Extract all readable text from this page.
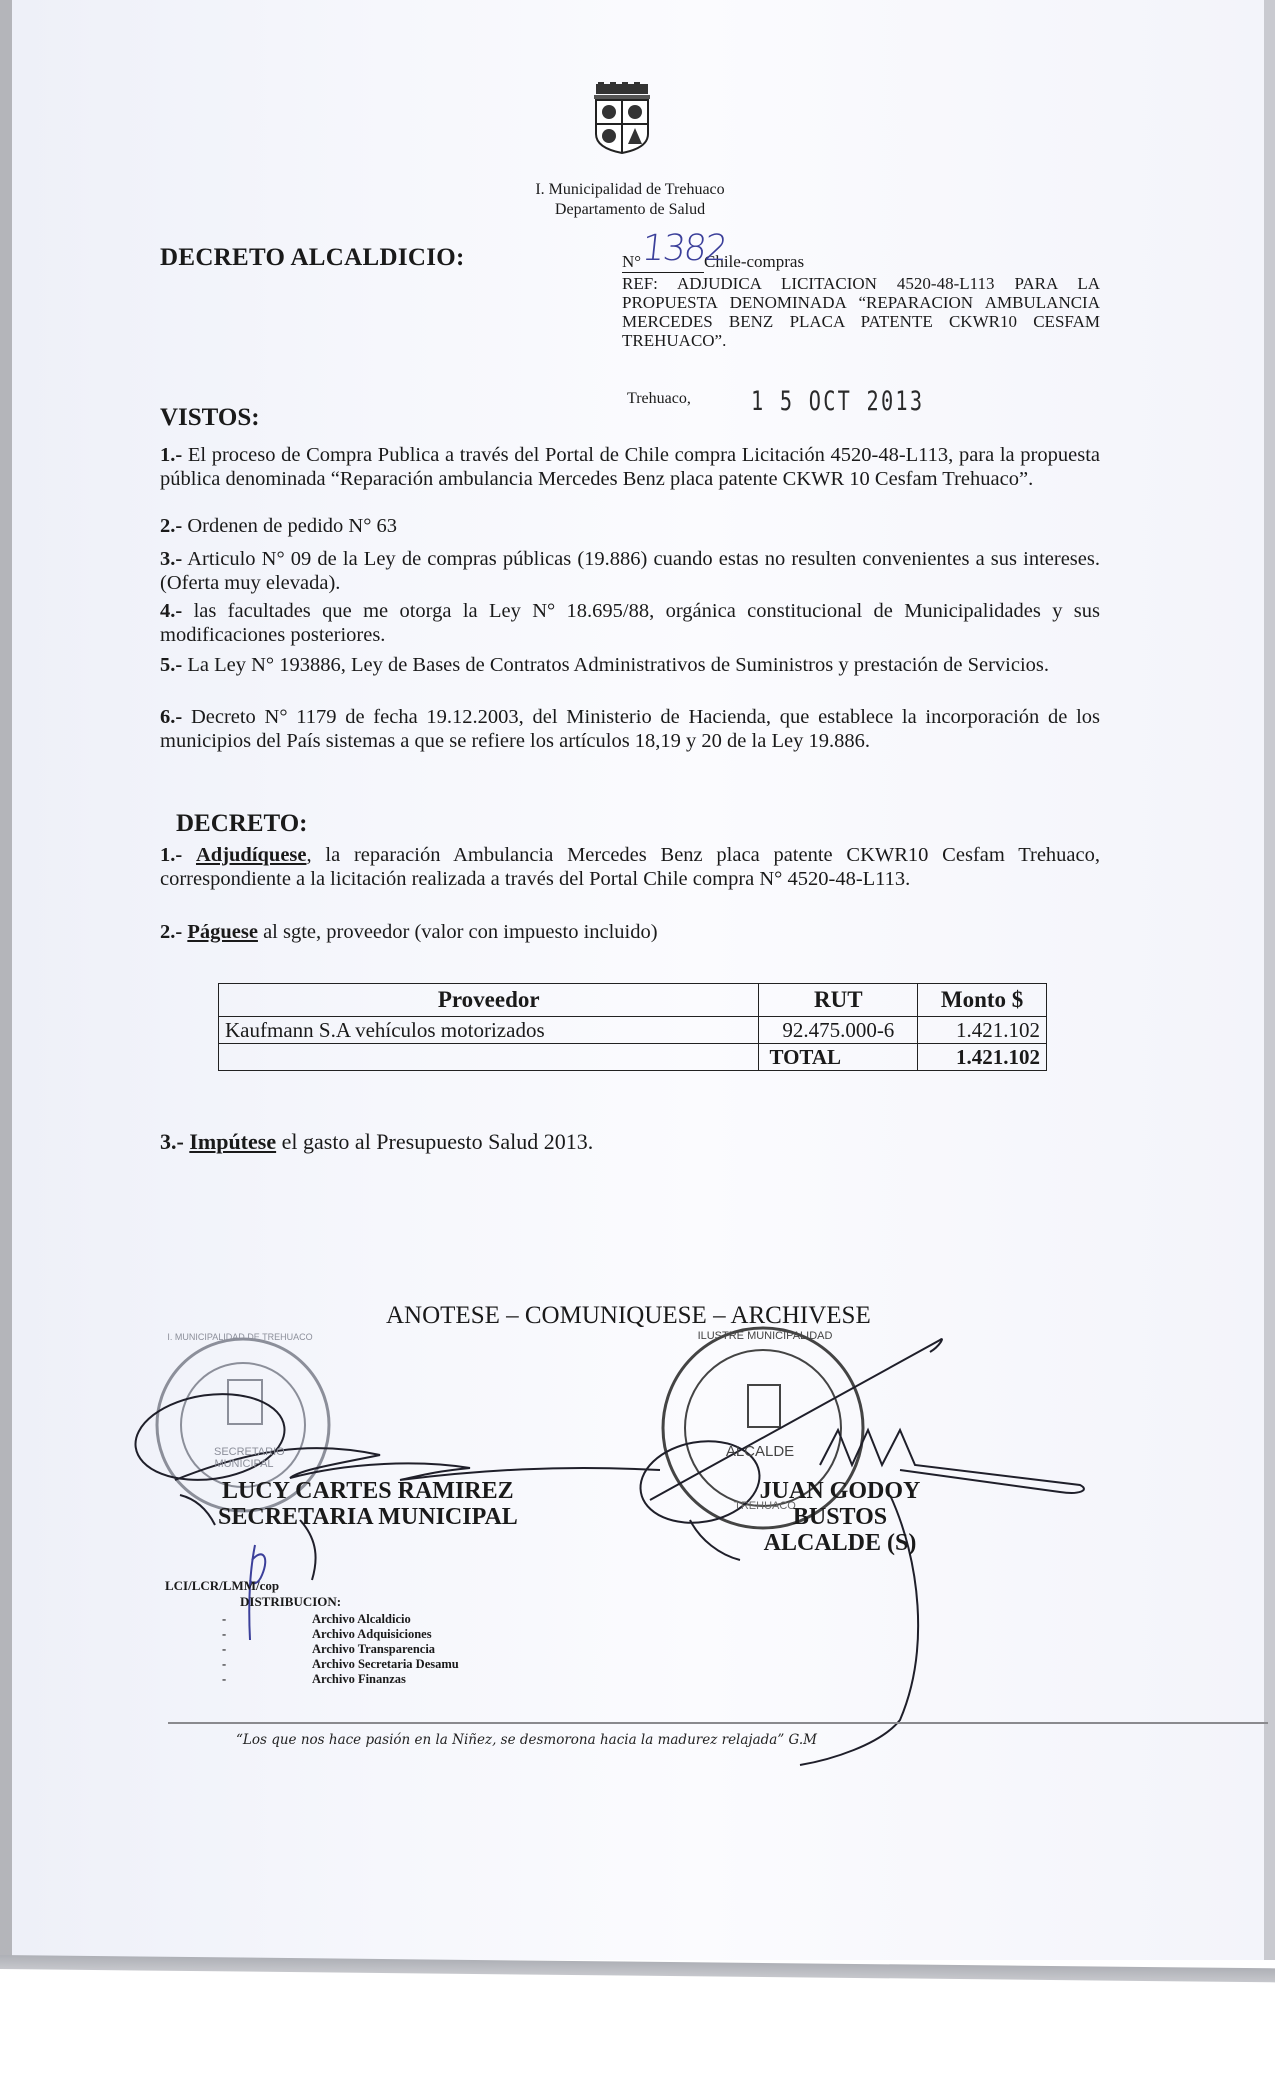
I. Municipalidad de Trehuaco
Departamento de Salud
DECRETO ALCALDICIO:	N°	Chile-compras
1382
REF: ADJUDICA LICITACION 4520-48-L113 PARA LA PROPUESTA DENOMINADA “REPARACION AMBULANCIA MERCEDES BENZ PLACA PATENTE CKWR10 CESFAM TREHUACO”.
Trehuaco, 1 5 OCT 2013
VISTOS:
1.- El proceso de Compra Publica a través del Portal de Chile compra Licitación 4520-48-L113, para la propuesta pública denominada “Reparación ambulancia Mercedes Benz placa patente CKWR 10 Cesfam Trehuaco”.
2.- Ordenen de pedido N° 63
3.- Articulo N° 09 de la Ley de compras públicas (19.886) cuando estas no resulten convenientes a sus intereses. (Oferta muy elevada).
4.- las facultades que me otorga la Ley N° 18.695/88, orgánica constitucional de Municipalidades y sus modificaciones posteriores.
5.- La Ley N° 193886, Ley de Bases de Contratos Administrativos de Suministros y prestación de Servicios.
6.- Decreto N° 1179 de fecha 19.12.2003, del Ministerio de Hacienda, que establece la incorporación de los municipios del País sistemas a que se refiere los artículos 18,19 y 20 de la Ley 19.886.
DECRETO:
1.- Adjudíquese, la reparación Ambulancia Mercedes Benz placa patente CKWR10 Cesfam Trehuaco, correspondiente a la licitación realizada a través del Portal Chile compra N° 4520-48-L113.
2.- Páguese al sgte, proveedor (valor con impuesto incluido)
Proveedor	RUT	Monto $
Kaufmann S.A vehículos motorizados	92.475.000-6	1.421.102
	TOTAL	1.421.102
3.- Impútese el gasto al Presupuesto Salud 2013.
ANOTESE – COMUNIQUESE – ARCHIVESE
SECRETARIO MUNICIPAL
I. MUNICIPALIDAD DE TREHUACO	ILUSTRE MUNICIPALIDAD
ALCALDE
TREHUACO
LUCY CARTES RAMIREZ
SECRETARIA MUNICIPAL
JUAN GODOY BUSTOS
ALCALDE (S)
LCI/LCR/LMM/cop
DISTRIBUCION:
-	Archivo Alcaldicio
-	Archivo Adquisiciones
-	Archivo Transparencia
-	Archivo Secretaria Desamu
-	Archivo Finanzas
“Los que nos hace pasión en la Niñez, se desmorona hacia la madurez relajada” G.M
